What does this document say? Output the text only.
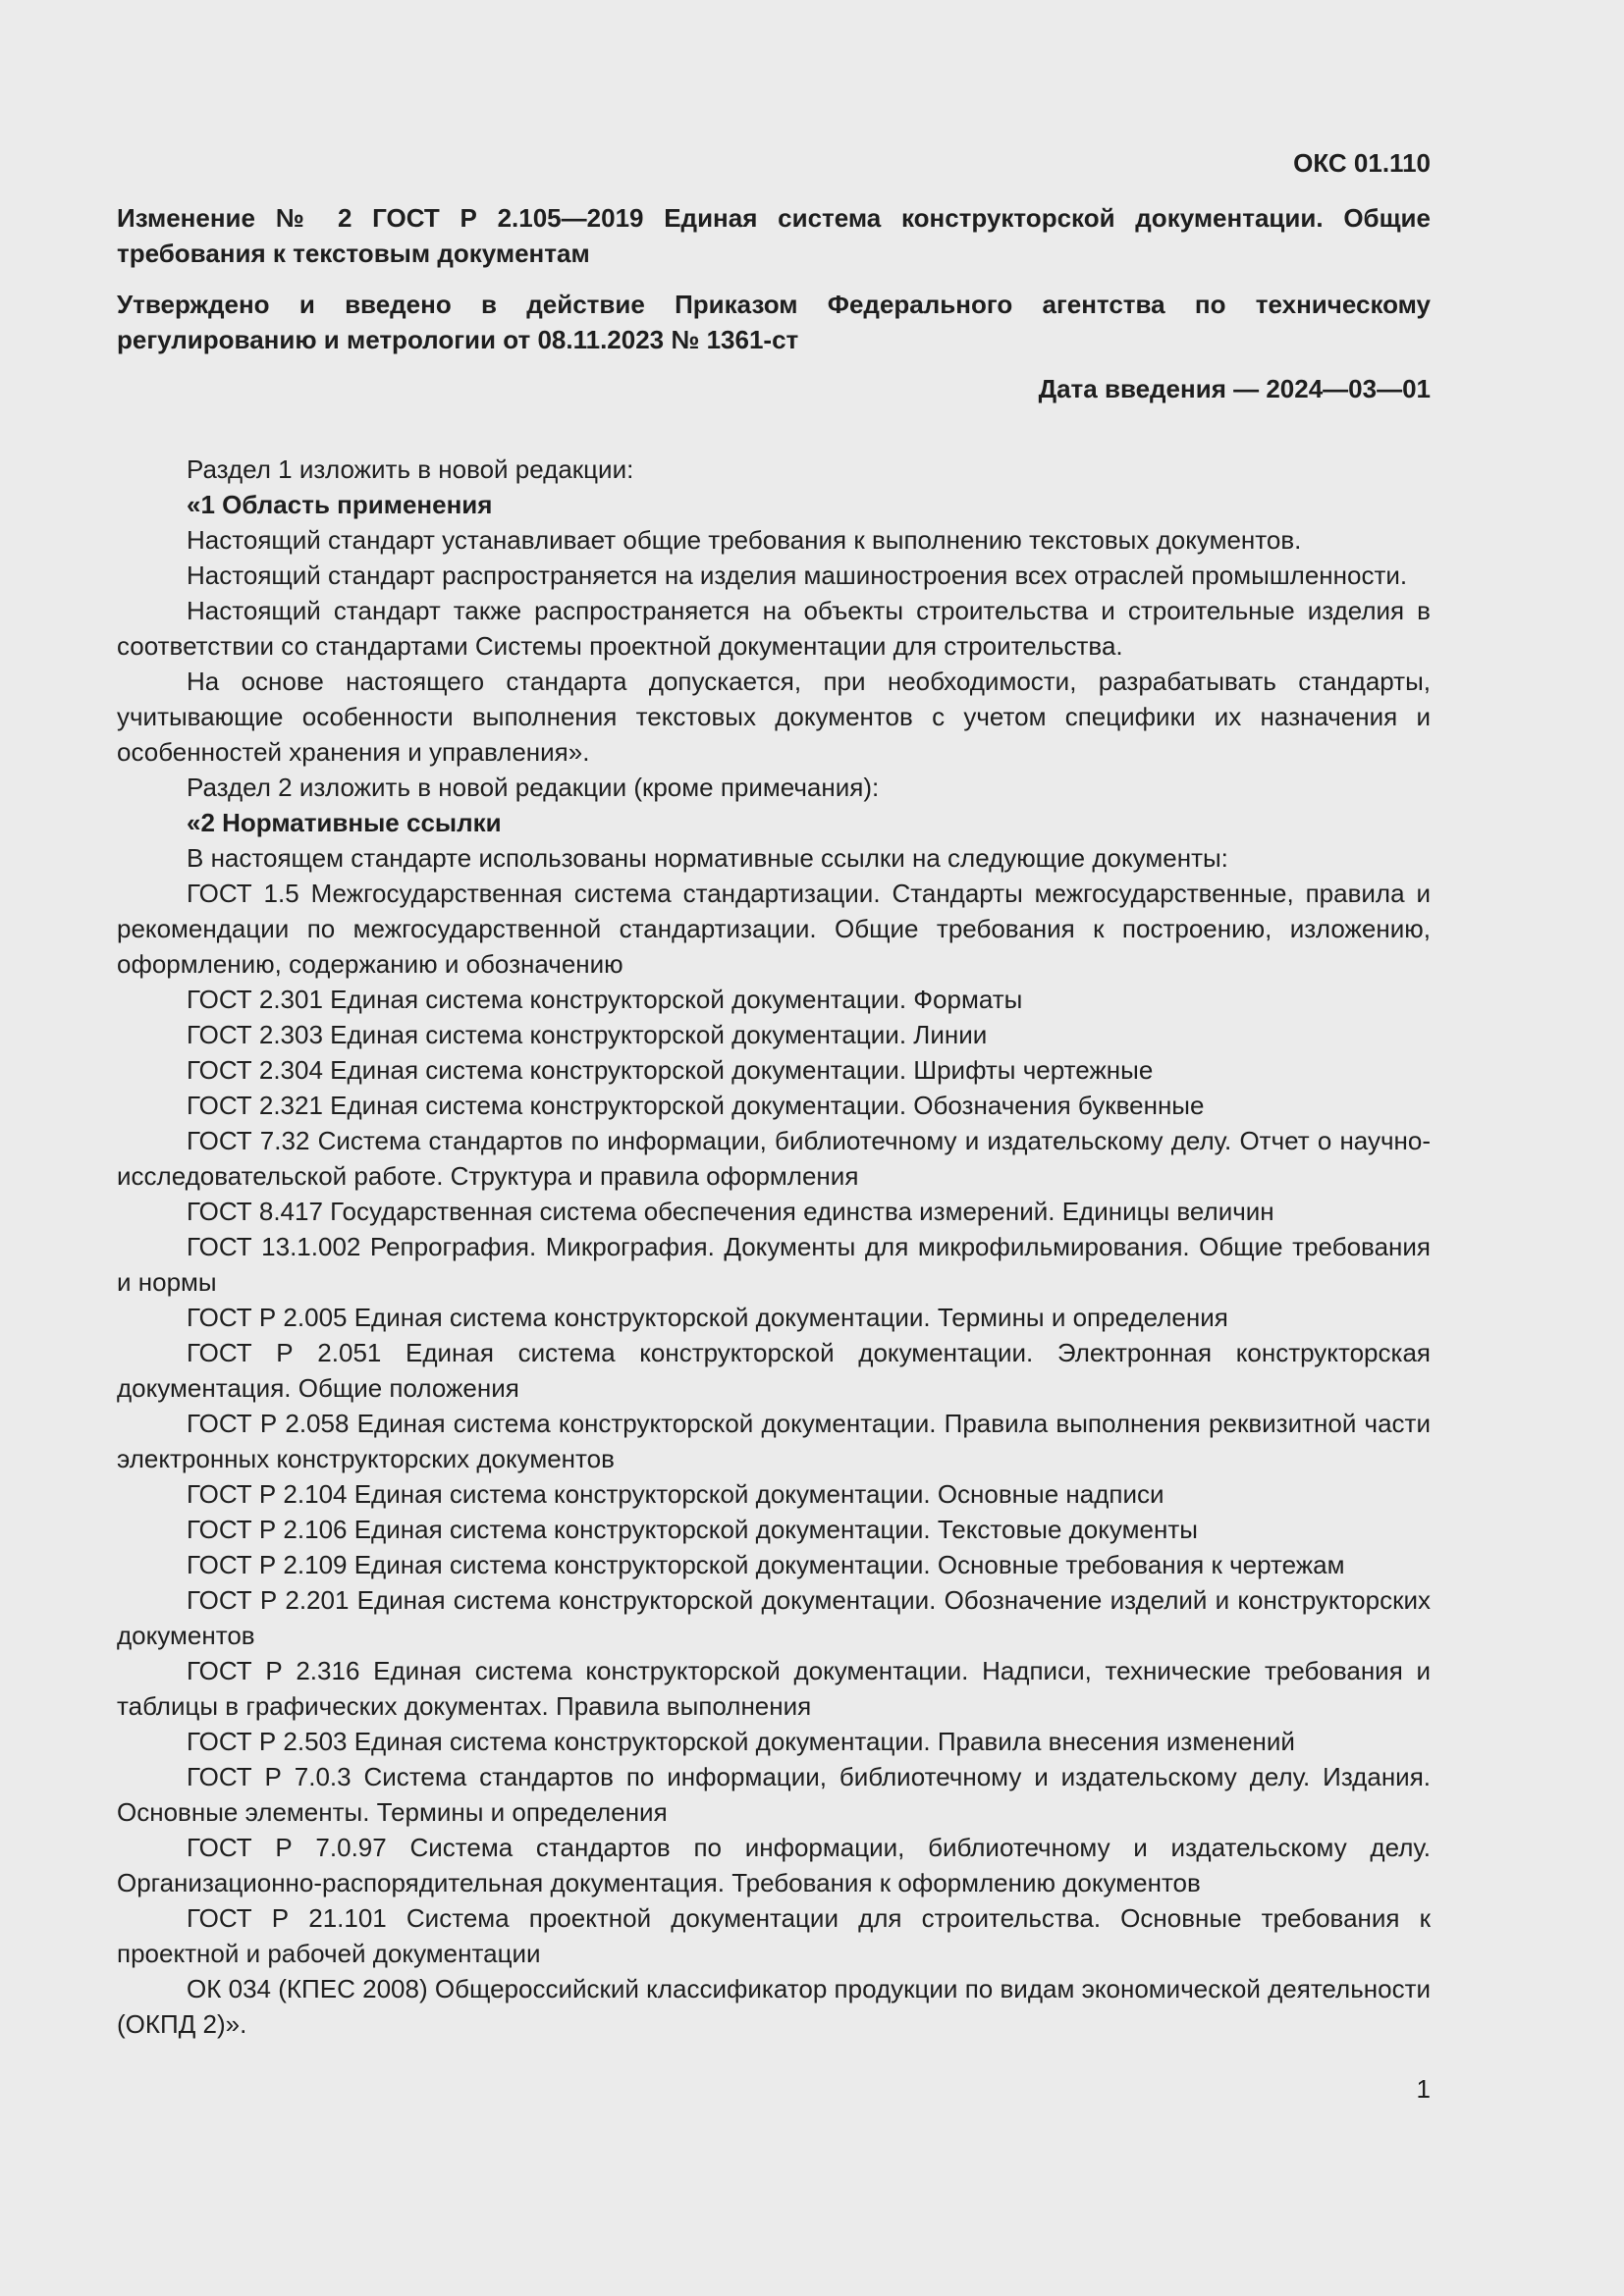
ОКС 01.110
Изменение № 2 ГОСТ Р 2.105—2019 Единая система конструкторской документации. Общие требования к текстовым документам
Утверждено и введено в действие Приказом Федерального агентства по техническому регулированию и метрологии от 08.11.2023 № 1361-ст
Дата введения — 2024—03—01

Раздел 1 изложить в новой редакции:

«1 Область применения

Настоящий стандарт устанавливает общие требования к выполнению текстовых документов.

Настоящий стандарт распространяется на изделия машиностроения всех отраслей промышленности.

Настоящий стандарт также распространяется на объекты строительства и строительные изделия в соответствии со стандартами Системы проектной документации для строительства.

На основе настоящего стандарта допускается, при необходимости, разрабатывать стандарты, учитывающие особенности выполнения текстовых документов с учетом специфики их назначения и особенностей хранения и управления».

Раздел 2 изложить в новой редакции (кроме примечания):

«2 Нормативные ссылки

В настоящем стандарте использованы нормативные ссылки на следующие документы:

ГОСТ 1.5 Межгосударственная система стандартизации. Стандарты межгосударственные, правила и рекомендации по межгосударственной стандартизации. Общие требования к построению, изложению, оформлению, содержанию и обозначению

ГОСТ 2.301 Единая система конструкторской документации. Форматы

ГОСТ 2.303 Единая система конструкторской документации. Линии

ГОСТ 2.304 Единая система конструкторской документации. Шрифты чертежные

ГОСТ 2.321 Единая система конструкторской документации. Обозначения буквенные

ГОСТ 7.32 Система стандартов по информации, библиотечному и издательскому делу. Отчет о научно-исследовательской работе. Структура и правила оформления

ГОСТ 8.417 Государственная система обеспечения единства измерений. Единицы величин

ГОСТ 13.1.002 Репрография. Микрография. Документы для микрофильмирования. Общие требования и нормы

ГОСТ Р 2.005 Единая система конструкторской документации. Термины и определения

ГОСТ Р 2.051 Единая система конструкторской документации. Электронная конструкторская документация. Общие положения

ГОСТ Р 2.058 Единая система конструкторской документации. Правила выполнения реквизитной части электронных конструкторских документов

ГОСТ Р 2.104 Единая система конструкторской документации. Основные надписи

ГОСТ Р 2.106 Единая система конструкторской документации. Текстовые документы

ГОСТ Р 2.109 Единая система конструкторской документации. Основные требования к чертежам

ГОСТ Р 2.201 Единая система конструкторской документации. Обозначение изделий и конструкторских документов

ГОСТ Р 2.316 Единая система конструкторской документации. Надписи, технические требования и таблицы в графических документах. Правила выполнения

ГОСТ Р 2.503 Единая система конструкторской документации. Правила внесения изменений

ГОСТ Р 7.0.3 Система стандартов по информации, библиотечному и издательскому делу. Издания. Основные элементы. Термины и определения

ГОСТ Р 7.0.97 Система стандартов по информации, библиотечному и издательскому делу. Организационно-распорядительная документация. Требования к оформлению документов

ГОСТ Р 21.101 Система проектной документации для строительства. Основные требования к проектной и рабочей документации

ОК 034 (КПЕС 2008) Общероссийский классификатор продукции по видам экономической деятельности (ОКПД 2)».

1
